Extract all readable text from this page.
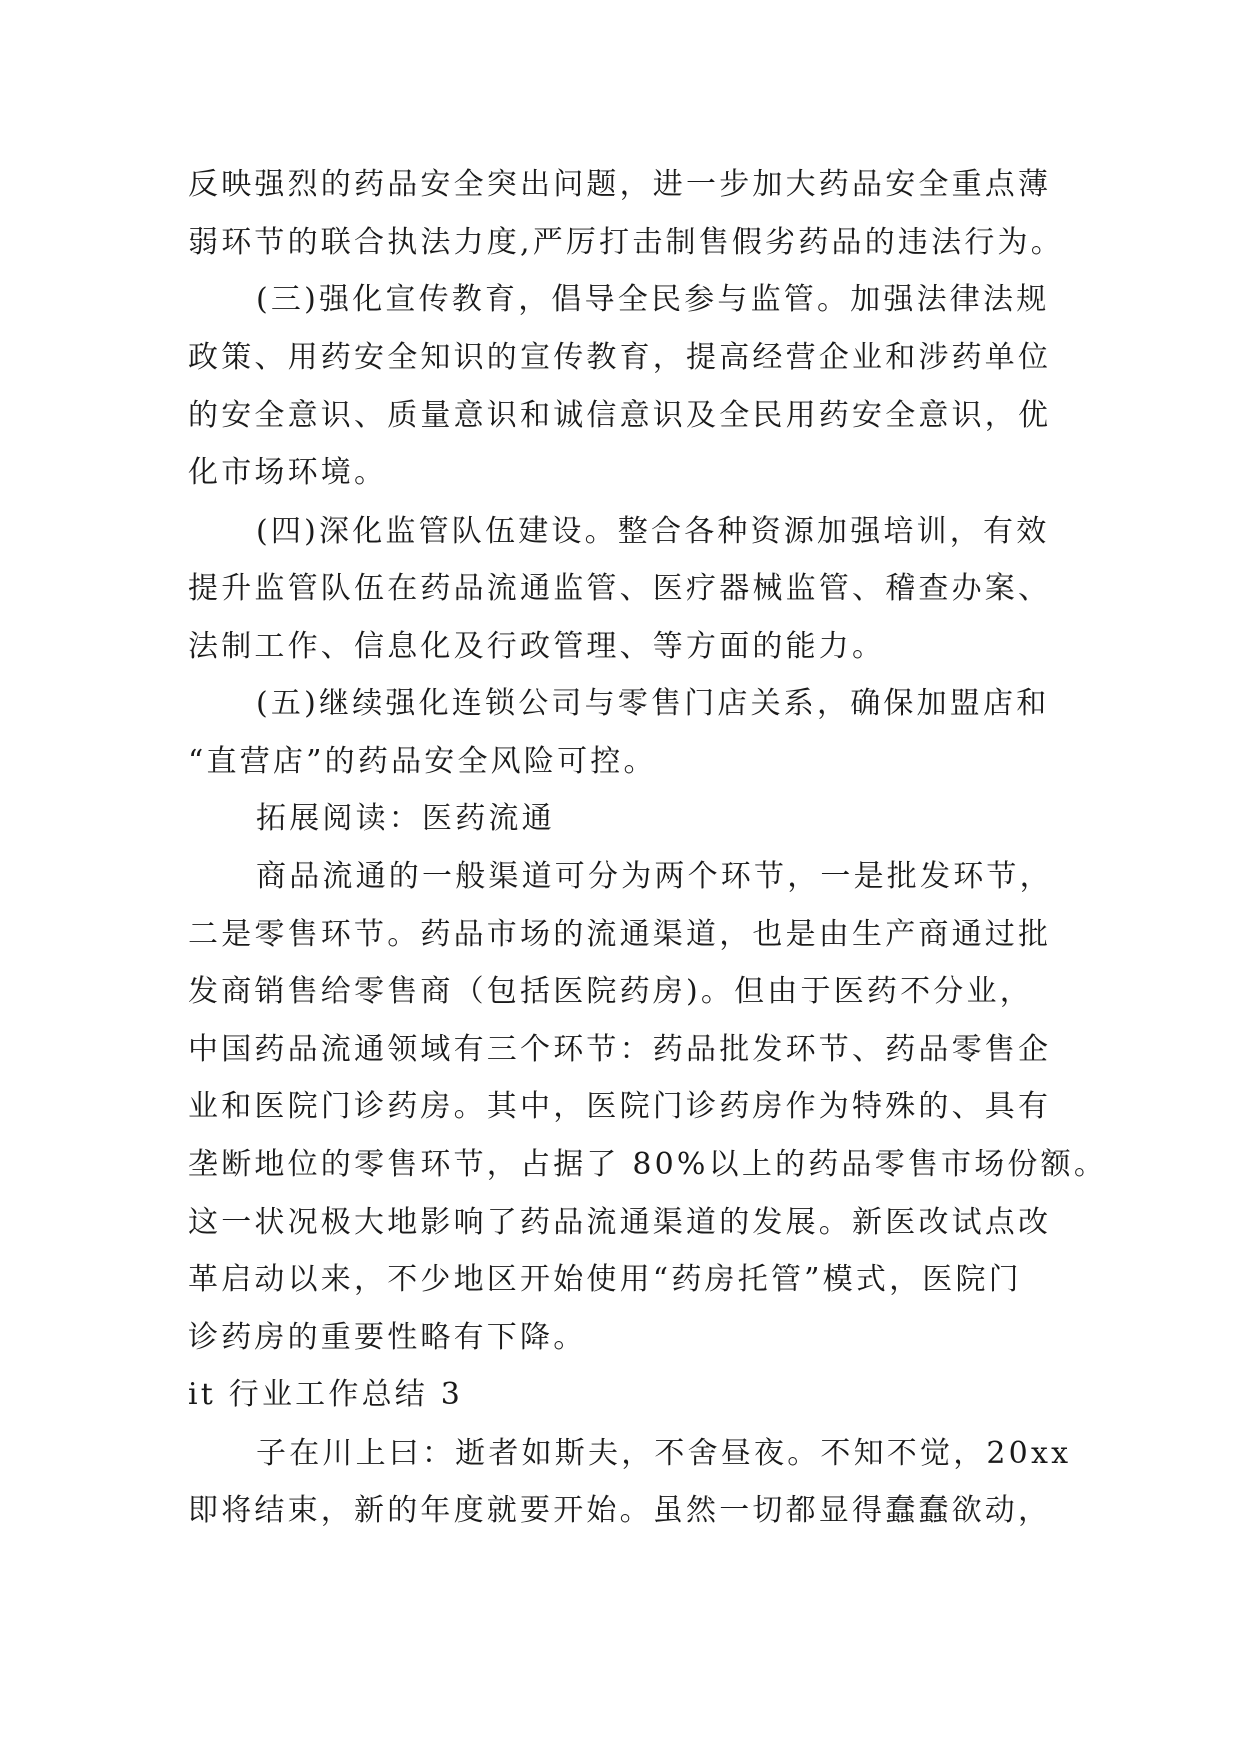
反映强烈的药品安全突出问题，进一步加大药品安全重点薄
弱环节的联合执法力度,严厉打击制售假劣药品的违法行为。
(三)强化宣传教育，倡导全民参与监管。加强法律法规
政策、用药安全知识的宣传教育，提高经营企业和涉药单位
的安全意识、质量意识和诚信意识及全民用药安全意识，优
化市场环境。
(四)深化监管队伍建设。整合各种资源加强培训，有效
提升监管队伍在药品流通监管、医疗器械监管、稽查办案、
法制工作、信息化及行政管理、等方面的能力。
(五)继续强化连锁公司与零售门店关系，确保加盟店和
“直营店”的药品安全风险可控。
拓展阅读：医药流通
商品流通的一般渠道可分为两个环节，一是批发环节，
二是零售环节。药品市场的流通渠道，也是由生产商通过批
发商销售给零售商（包括医院药房)。但由于医药不分业，
中国药品流通领域有三个环节：药品批发环节、药品零售企
业和医院门诊药房。其中，医院门诊药房作为特殊的、具有
垄断地位的零售环节，占据了 80%以上的药品零售市场份额。
这一状况极大地影响了药品流通渠道的发展。新医改试点改
革启动以来，不少地区开始使用“药房托管”模式，医院门
诊药房的重要性略有下降。
it 行业工作总结 3
子在川上曰：逝者如斯夫，不舍昼夜。不知不觉，20xx
即将结束，新的年度就要开始。虽然一切都显得蠢蠢欲动，
